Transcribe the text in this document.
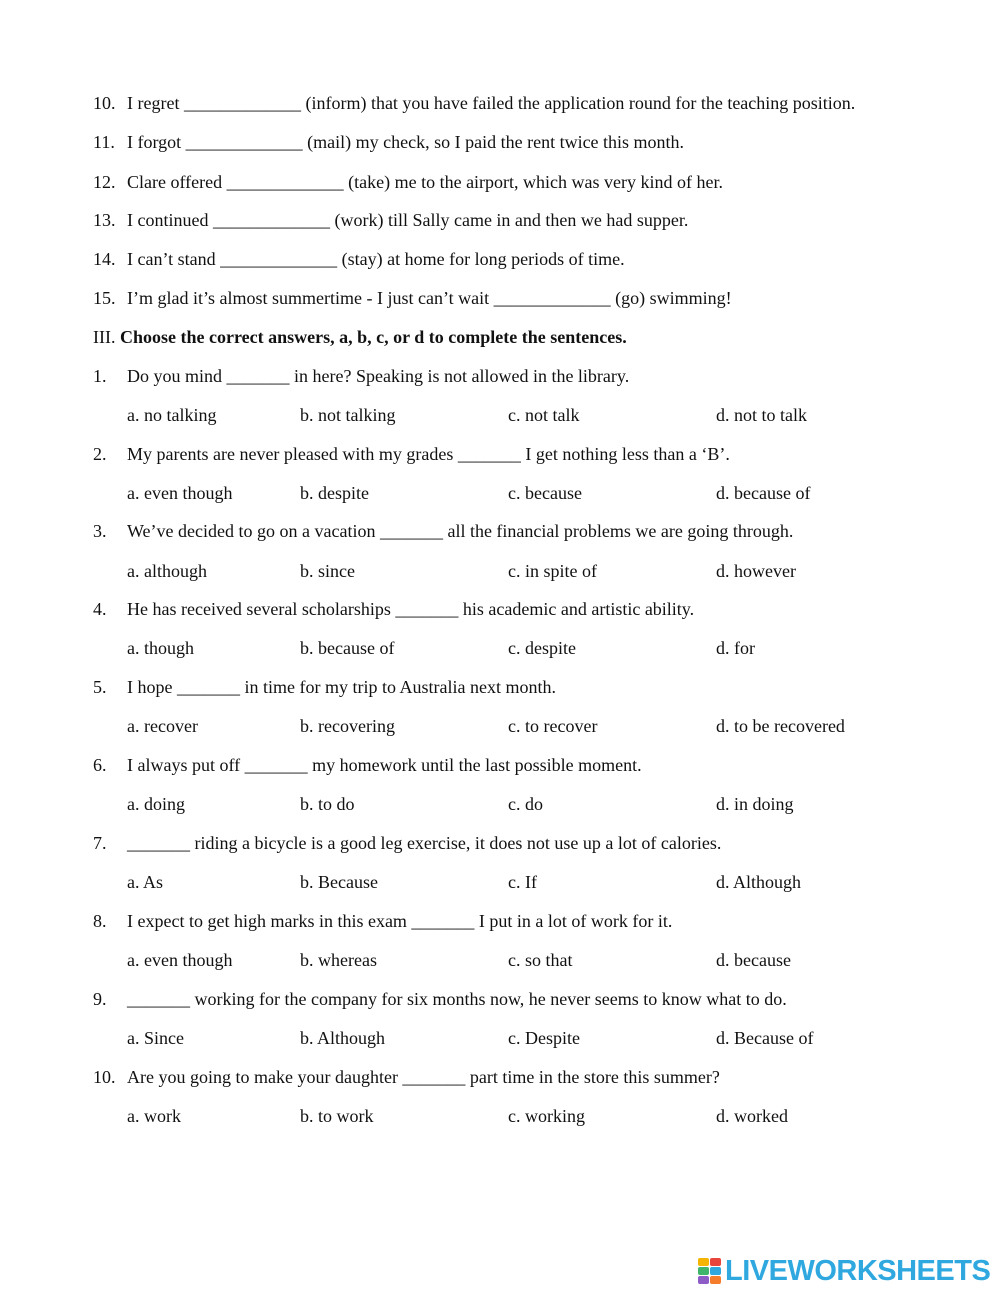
10. I regret _____________ (inform) that you have failed the application round for the teaching position.
11. I forgot _____________ (mail) my check, so I paid the rent twice this month.
12. Clare offered _____________ (take) me to the airport, which was very kind of her.
13. I continued _____________ (work) till Sally came in and then we had supper.
14. I can’t stand _____________ (stay) at home for long periods of time.
15. I’m glad it’s almost summertime - I just can’t wait _____________ (go) swimming!
III. Choose the correct answers, a, b, c, or d to complete the sentences.
1. Do you mind _______ in here? Speaking is not allowed in the library.
a. no talking	b. not talking	c. not talk	d. not to talk
2. My parents are never pleased with my grades _______ I get nothing less than a ‘B’.
a. even though	b. despite	c. because	d. because of
3. We’ve decided to go on a vacation _______ all the financial problems we are going through.
a. although	b. since	c. in spite of	d. however
4. He has received several scholarships _______ his academic and artistic ability.
a. though	b. because of	c. despite	d. for
5. I hope _______ in time for my trip to Australia next month.
a. recover	b. recovering	c. to recover	d. to be recovered
6. I always put off _______ my homework until the last possible moment.
a. doing	b. to do	c. do	d. in doing
7. _______ riding a bicycle is a good leg exercise, it does not use up a lot of calories.
a. As	b. Because	c. If	d. Although
8. I expect to get high marks in this exam _______ I put in a lot of work for it.
a. even though	b. whereas	c. so that	d. because
9. _______ working for the company for six months now, he never seems to know what to do.
a. Since	b. Although	c. Despite	d. Because of
10. Are you going to make your daughter _______ part time in the store this summer?
a. work	b. to work	c. working	d. worked
LIVEWORKSHEETS
